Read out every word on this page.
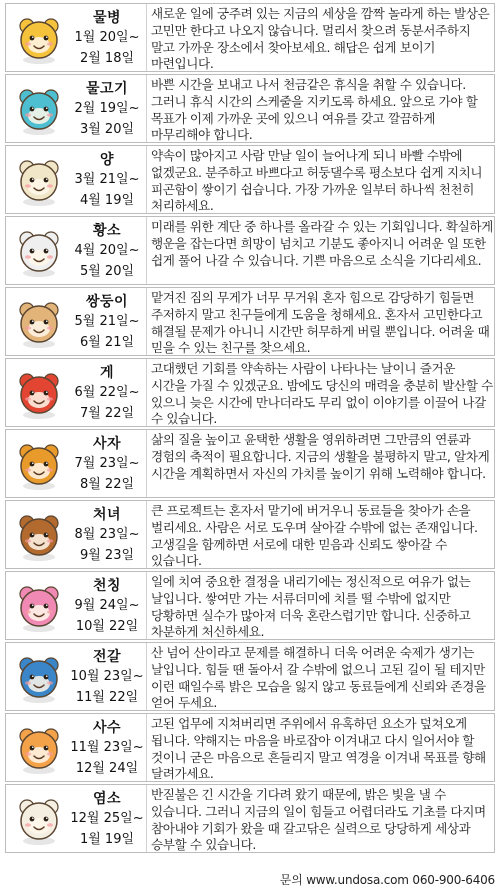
물병
1월 20일~
2월 18일

새로운 일에 궁주려 있는 지금의 세상을 깜짝 놀라게 하는 발상은 고민만 한다고 나오지 않습니다. 멀리서 찾으려 동분서주하지 말고 가까운 장소에서 찾아보세요. 해답은 쉽게 보이기 마련입니다.

물고기
2월 19일~
3월 20일

바쁜 시간을 보내고 나서 천금같은 휴식을 취할 수 있습니다. 그러니 휴식 시간의 스케줄을 지키도록 하세요. 앞으로 가야 할 목표가 이제 가까운 곳에 있으니 여유를 갖고 깔끔하게 마무리해야 합니다.

양
3월 21일~
4월 19일

약속이 많아지고 사람 만날 일이 늘어나게 되니 바빨 수밖에 없겠군요. 분주하고 바쁘다고 허둥댈수록 평소보다 쉽게 지치니 피곤함이 쌓이기 쉽습니다. 가장 가까운 일부터 하나씩 천천히 처리하세요.

황소
4월 20일~
5월 20일

미래를 위한 계단 중 하나를 올라갈 수 있는 기회입니다. 확실하게 행운을 잡는다면 희망이 넘치고 기분도 좋아지니 어려운 일 또한 쉽게 풀어 나갈 수 있습니다. 기쁜 마음으로 소식을 기다리세요.

쌍둥이
5월 21일~
6월 21일

맡겨진 짐의 무게가 너무 무거워 혼자 힘으로 감당하기 힘들면 주저하지 말고 친구들에게 도움을 청해세요. 혼자서 고민한다고 해결될 문제가 아니니 시간만 허무하게 버릴 뿐입니다. 어려울 때 믿을 수 있는 친구를 찾으세요.

게
6월 22일~
7월 22일

고대했던 기회를 약속하는 사람이 나타나는 날이니 즐거운 시간을 가질 수 있겠군요. 밤에도 당신의 매력을 충분히 발산할 수 있으니 늦은 시간에 만나더라도 무리 없이 이야기를 이끌어 나갈 수 있습니다.

사자
7월 23일~
8월 22일

삶의 질을 높이고 윤택한 생활을 영위하려면 그만큼의 연륜과 경험의 축적이 필요합니다. 지금의 생활을 불평하지 말고, 알차게 시간을 계획하면서 자신의 가치를 높이기 위해 노력해야 합니다.

처녀
8월 23일~
9월 23일

큰 프로젝트는 혼자서 맡기에 버거우니 동료들을 찾아가 손을 벌리세요. 사람은 서로 도우며 살아갈 수밖에 없는 존재입니다. 고생길을 함께하면 서로에 대한 믿음과 신뢰도 쌓아갈 수 있습니다.

천칭
9월 24일~
10월 22일

일에 치여 중요한 결정을 내리기에는 정신적으로 여유가 없는 날입니다. 쌓여만 가는 서류더미에 치를 떨 수밖에 없지만 당황하면 실수가 많아져 더욱 혼란스럽기만 합니다. 신중하고 차분하게 처신하세요.

전갈
10월 23일~
11월 22일

산 넘어 산이라고 문제를 해결하니 더욱 어려운 숙제가 생기는 날입니다. 힘들 땐 돌아서 갈 수밖에 없으니 고된 길이 될 테지만 이런 때일수록 밝은 모습을 잃지 않고 동료들에게 신뢰와 존경을 얻어 두세요.

사수
11월 23일~
12월 24일

고된 업무에 지쳐버리면 주위에서 유혹하던 요소가 덮쳐오게 됩니다. 약해지는 마음을 바로잡아 이겨내고 다시 일어서야 할 것이니 굳은 마음으로 흔들리지 말고 역경을 이겨내 목표를 향해 달려가세요.

염소
12월 25일~
1월 19일

반짇불은 긴 시간을 기다려 왔기 때문에, 밝은 빛을 낼 수 있습니다. 그러니 지금의 일이 힘들고 어렵더라도 기초를 다지며 참아내야 기회가 왔을 때 갈고닦은 실력으로 당당하게 세상과 승부할 수 있습니다.

문의 www.undosa.com 060-900-6406
